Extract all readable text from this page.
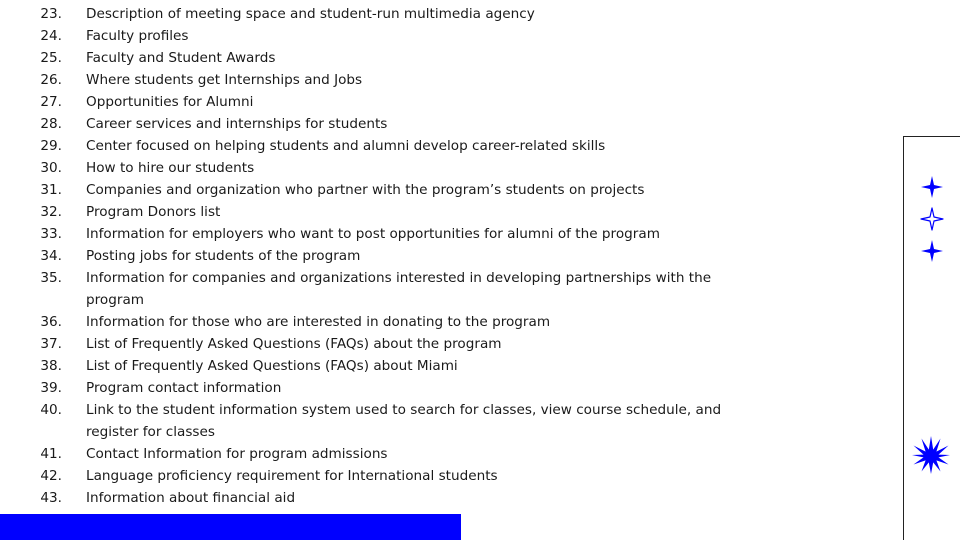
23. Description of meeting space and student-run multimedia agency
24. Faculty profiles
25. Faculty and Student Awards
26. Where students get Internships and Jobs
27. Opportunities for Alumni
28. Career services and internships for students
29. Center focused on helping students and alumni develop career-related skills
30. How to hire our students
31. Companies and organization who partner with the program’s students on projects
32. Program Donors list
33. Information for employers who want to post opportunities for alumni of the program
34. Posting jobs for students of the program
35. Information for companies and organizations interested in developing partnerships with the program
36. Information for those who are interested in donating to the program
37. List of Frequently Asked Questions (FAQs) about the program
38. List of Frequently Asked Questions (FAQs) about Miami
39. Program contact information
40. Link to the student information system used to search for classes, view course schedule, and register for classes
41. Contact Information for program admissions
42. Language proficiency requirement for International students
43. Information about financial aid
